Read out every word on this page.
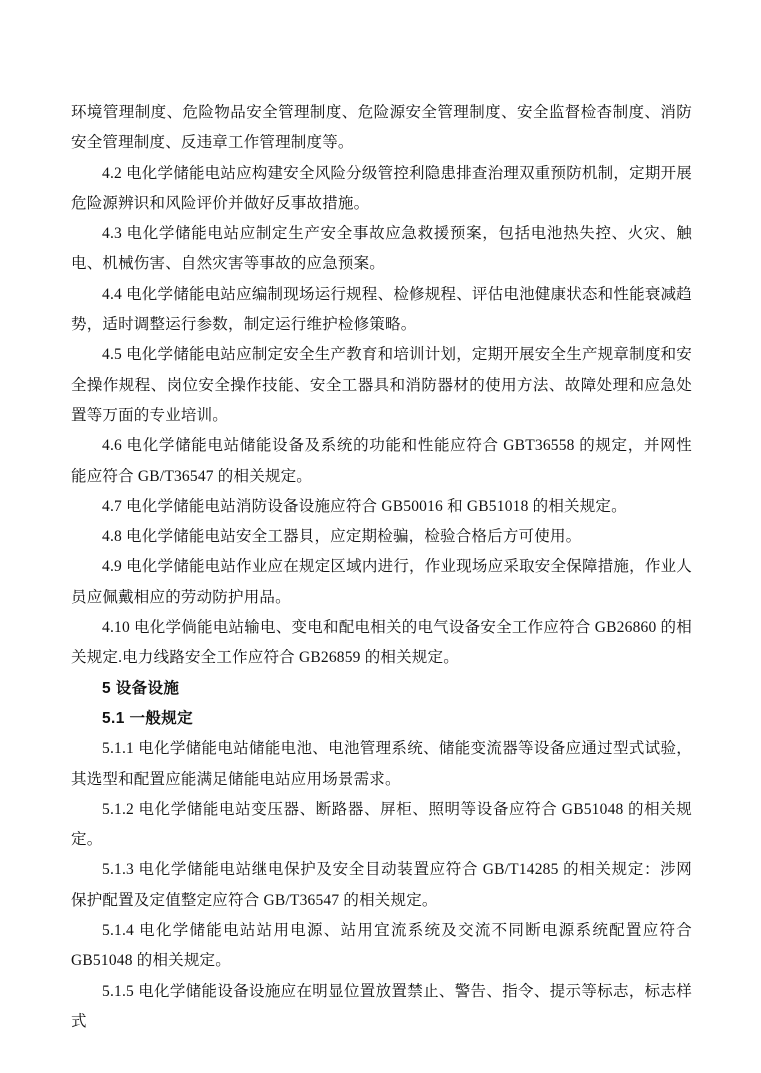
环境管理制度、危险物品安全管理制度、危险源安全管理制度、安全监督检杳制度、消防安全管理制度、反违章工作管理制度等。

4.2 电化学储能电站应构建安全风险分级管控利隐患排查治理双重预防机制，定期开展危险源辨识和风险评价并做好反事故措施。

4.3 电化学储能电站应制定生产安全事故应急救援预案，包括电池热失控、火灾、触电、机械伤害、自然灾害等事故的应急预案。

4.4 电化学储能电站应编制现场运行规程、检修规程、评估电池健康状态和性能衰减趋势，适时调整运行参数，制定运行维护检修策略。

4.5 电化学储能电站应制定安全生产教育和培训计划，定期开展安全生产规章制度和安全操作规程、岗位安全操作技能、安全工器具和消防器材的使用方法、故障处理和应急处置等万面的专业培训。

4.6 电化学储能电站储能设备及系统的功能和性能应符合 GBT36558 的规定，并网性能应符合 GB/T36547 的相关规定。

4.7 电化学储能电站消防设备设施应符合 GB50016 和 GB51018 的相关规定。

4.8 电化学储能电站安全工器貝，应定期检骗，检验合格后方可使用。

4.9 电化学储能电站作业应在规定区域内进行，作业现场应采取安全保障措施，作业人员应佩戴相应的劳动防护用品。

4.10 电化学倘能电站输电、变电和配电相关的电气设备安全工作应符合 GB26860 的相关规定.电力线路安全工作应符合 GB26859 的相关规定。

5 设备设施

5.1 一般规定

5.1.1 电化学储能电站储能电池、电池管理系统、储能变流器等设备应通过型式试验，其选型和配置应能满足储能电站应用场景需求。

5.1.2 电化学储能电站变压器、断路器、屏柜、照明等设备应符合 GB51048 的相关规定。

5.1.3 电化学储能电站继电保护及安全目动装置应符合 GB/T14285 的相关规定：涉网保护配置及定值整定应符合 GB/T36547 的相关规定。

5.1.4 电化学储能电站站用电源、站用宜流系统及交流不同断电源系统配置应符合 GB51048 的相关规定。

5.1.5 电化学储能设备设施应在明显位置放置禁止、警告、指令、提示等标志，标志样式
